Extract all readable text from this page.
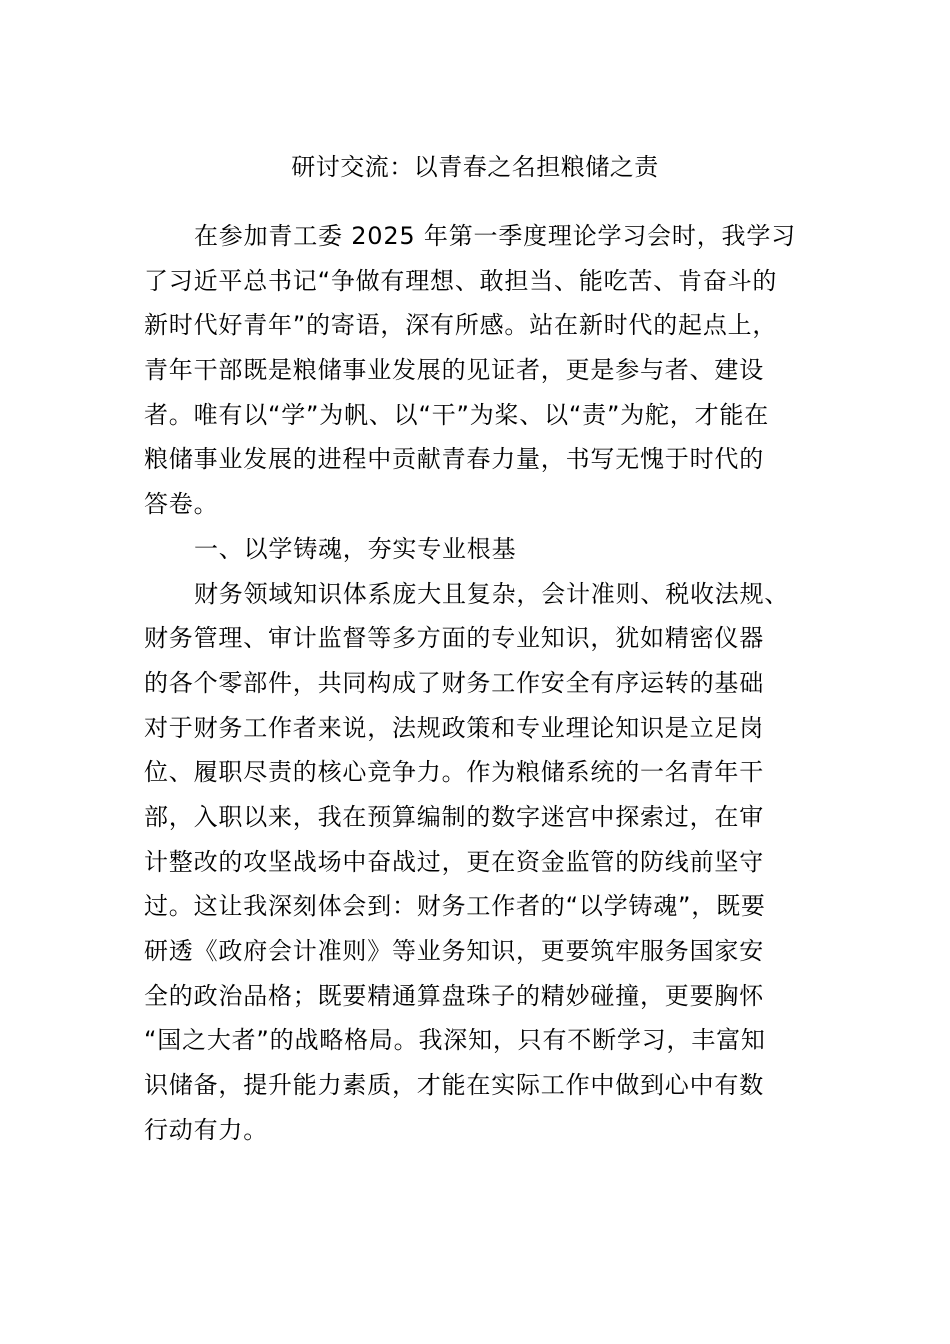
研讨交流：以青春之名担粮储之责
在参加青工委 2025 年第一季度理论学习会时，我学习
了习近平总书记“争做有理想、敢担当、能吃苦、肯奋斗的
新时代好青年”的寄语，深有所感。站在新时代的起点上，
青年干部既是粮储事业发展的见证者，更是参与者、建设
者。唯有以“学”为帆、以“干”为桨、以“责”为舵，才能在
粮储事业发展的进程中贡献青春力量，书写无愧于时代的
答卷。
一、以学铸魂，夯实专业根基
财务领域知识体系庞大且复杂，会计准则、税收法规、
财务管理、审计监督等多方面的专业知识，犹如精密仪器
的各个零部件，共同构成了财务工作安全有序运转的基础
对于财务工作者来说，法规政策和专业理论知识是立足岗
位、履职尽责的核心竞争力。作为粮储系统的一名青年干
部，入职以来，我在预算编制的数字迷宫中探索过，在审
计整改的攻坚战场中奋战过，更在资金监管的防线前坚守
过。这让我深刻体会到：财务工作者的“以学铸魂”，既要
研透《政府会计准则》等业务知识，更要筑牢服务国家安
全的政治品格；既要精通算盘珠子的精妙碰撞，更要胸怀
“国之大者”的战略格局。我深知，只有不断学习，丰富知
识储备，提升能力素质，才能在实际工作中做到心中有数
行动有力。
